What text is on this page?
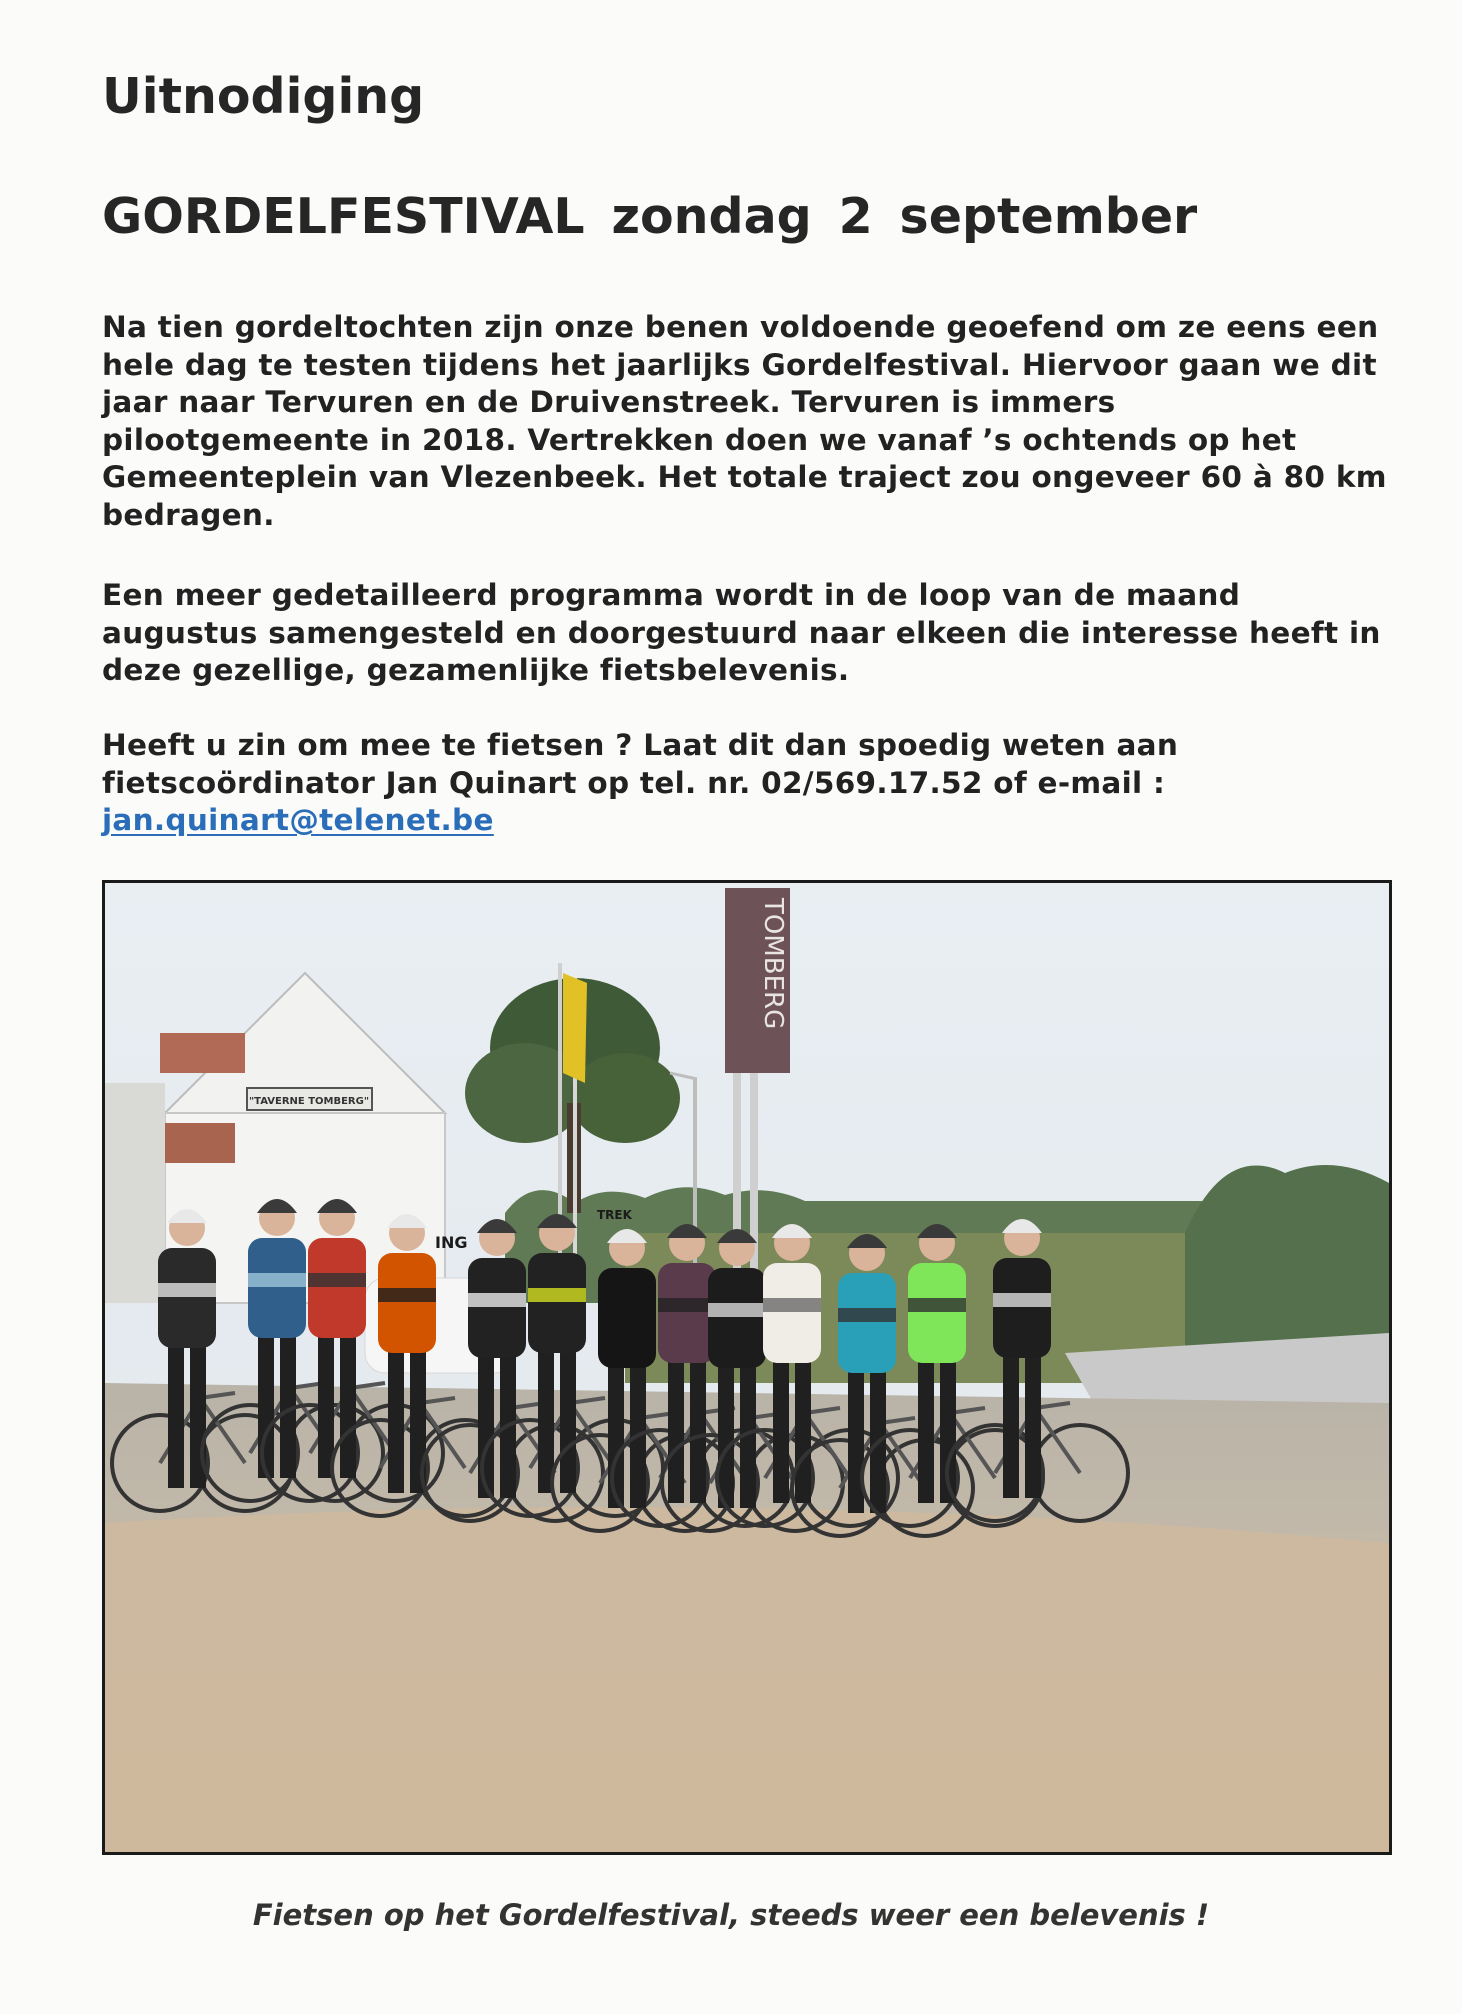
Uitnodiging
GORDELFESTIVAL zondag 2 september

Na tien gordeltochten zijn onze benen voldoende geoefend om ze eens een hele dag te testen tijdens het jaarlijks Gordelfestival. Hiervoor gaan we dit jaar naar Tervuren en de Druivenstreek. Tervuren is immers pilootgemeente in 2018. Vertrekken doen we vanaf ’s ochtends op het Gemeenteplein van Vlezenbeek. Het totale traject zou ongeveer 60 à 80 km bedragen.

Een meer gedetailleerd programma wordt in de loop van de maand augustus samengesteld en doorgestuurd naar elkeen die interesse heeft in deze gezellige, gezamenlijke fietsbelevenis.

Heeft u zin om mee te fietsen ? Laat dit dan spoedig weten aan fietscoördinator Jan Quinart op tel. nr. 02/569.17.52 of e-mail :
jan.quinart@telenet.be

"TAVERNE TOMBERG"
TOMBERG
ING
TREK

Fietsen op het Gordelfestival, steeds weer een belevenis !
